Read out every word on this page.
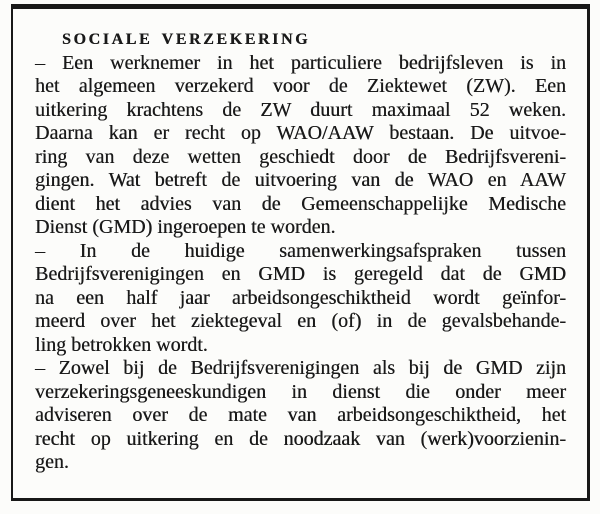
SOCIALE VERZEKERING
– Een werknemer in het particuliere bedrijfsleven is in
het algemeen verzekerd voor de Ziektewet (ZW). Een
uitkering krachtens de ZW duurt maximaal 52 weken.
Daarna kan er recht op WAO/AAW bestaan. De uitvoe-
ring van deze wetten geschiedt door de Bedrijfsvereni-
gingen. Wat betreft de uitvoering van de WAO en AAW
dient het advies van de Gemeenschappelijke Medische
Dienst (GMD) ingeroepen te worden.
– In de huidige samenwerkingsafspraken tussen
Bedrijfsverenigingen en GMD is geregeld dat de GMD
na een half jaar arbeidsongeschiktheid wordt geïnfor-
meerd over het ziektegeval en (of) in de gevalsbehande-
ling betrokken wordt.
– Zowel bij de Bedrijfsverenigingen als bij de GMD zijn
verzekeringsgeneeskundigen in dienst die onder meer
adviseren over de mate van arbeidsongeschiktheid, het
recht op uitkering en de noodzaak van (werk)voorzienin-
gen.
